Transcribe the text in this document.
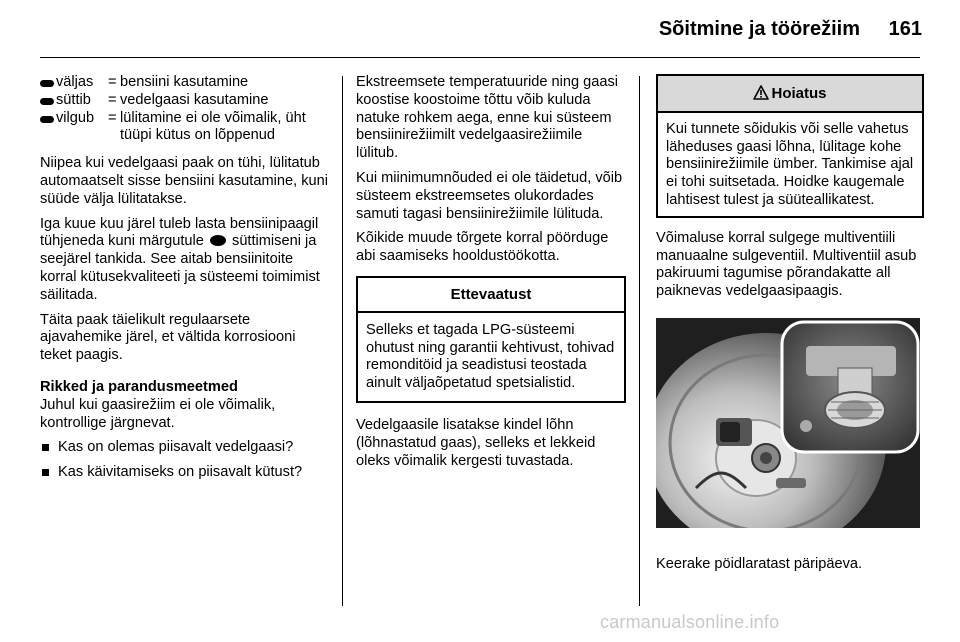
Sõitmine ja töörežiim	161
väljas	= bensiini kasutamine
süttib	= vedelgaasi kasutamine
vilgub = lülitamine ei ole võimalik, üht tüüpi kütus on lõppenud

Niipea kui vedelgaasi paak on tühi, lülitatub automaatselt sisse bensiini kasutamine, kuni süüde välja lülitatakse.

Iga kuue kuu järel tuleb lasta bensiinipaagil tühjeneda kuni märgutule süttimiseni ja seejärel tankida. See aitab bensiinitoite korral kütusekvaliteeti ja süsteemi toimimist säilitada.

Täita paak täielikult regulaarsete ajavahemike järel, et vältida korrosiooni teket paagis.

Rikked ja parandusmeetmed

Juhul kui gaasirežiim ei ole võimalik, kontrollige järgnevat.

Kas on olemas piisavalt vedelgaasi?
Kas käivitamiseks on piisavalt kütust?

Ekstreemsete temperatuuride ning gaasi koostise koostoime tõttu võib kuluda natuke rohkem aega, enne kui süsteem bensiinirežiimilt vedelgaasirežiimile lülitub.

Kui miinimumnõuded ei ole täidetud, võib süsteem ekstreemsetes olukordades samuti tagasi bensiinirežiimile lülituda.

Kõikide muude tõrgete korral pöörduge abi saamiseks hooldustöökotta.

Ettevaatust
Selleks et tagada LPG-süsteemi ohutust ning garantii kehtivust, tohivad remonditöid ja seadistusi teostada ainult väljaõpetatud spetsialistid.

Vedelgaasile lisatakse kindel lõhn (lõhnastatud gaas), selleks et lekkeid oleks võimalik kergesti tuvastada.

Hoiatus
Kui tunnete sõidukis või selle vahetus läheduses gaasi lõhna, lülitage kohe bensiinirežiimile ümber. Tankimise ajal ei tohi suitsetada. Hoidke kaugemale lahtisest tulest ja süüteallikatest.

Võimaluse korral sulgege multiventiili manuaalne sulgeventiil. Multiventiil asub pakiruumi tagumise põrandakatte all paiknevas vedelgaasipaagis.

Keerake pöidlaratast päripäeva.

carmanualsonline.info
